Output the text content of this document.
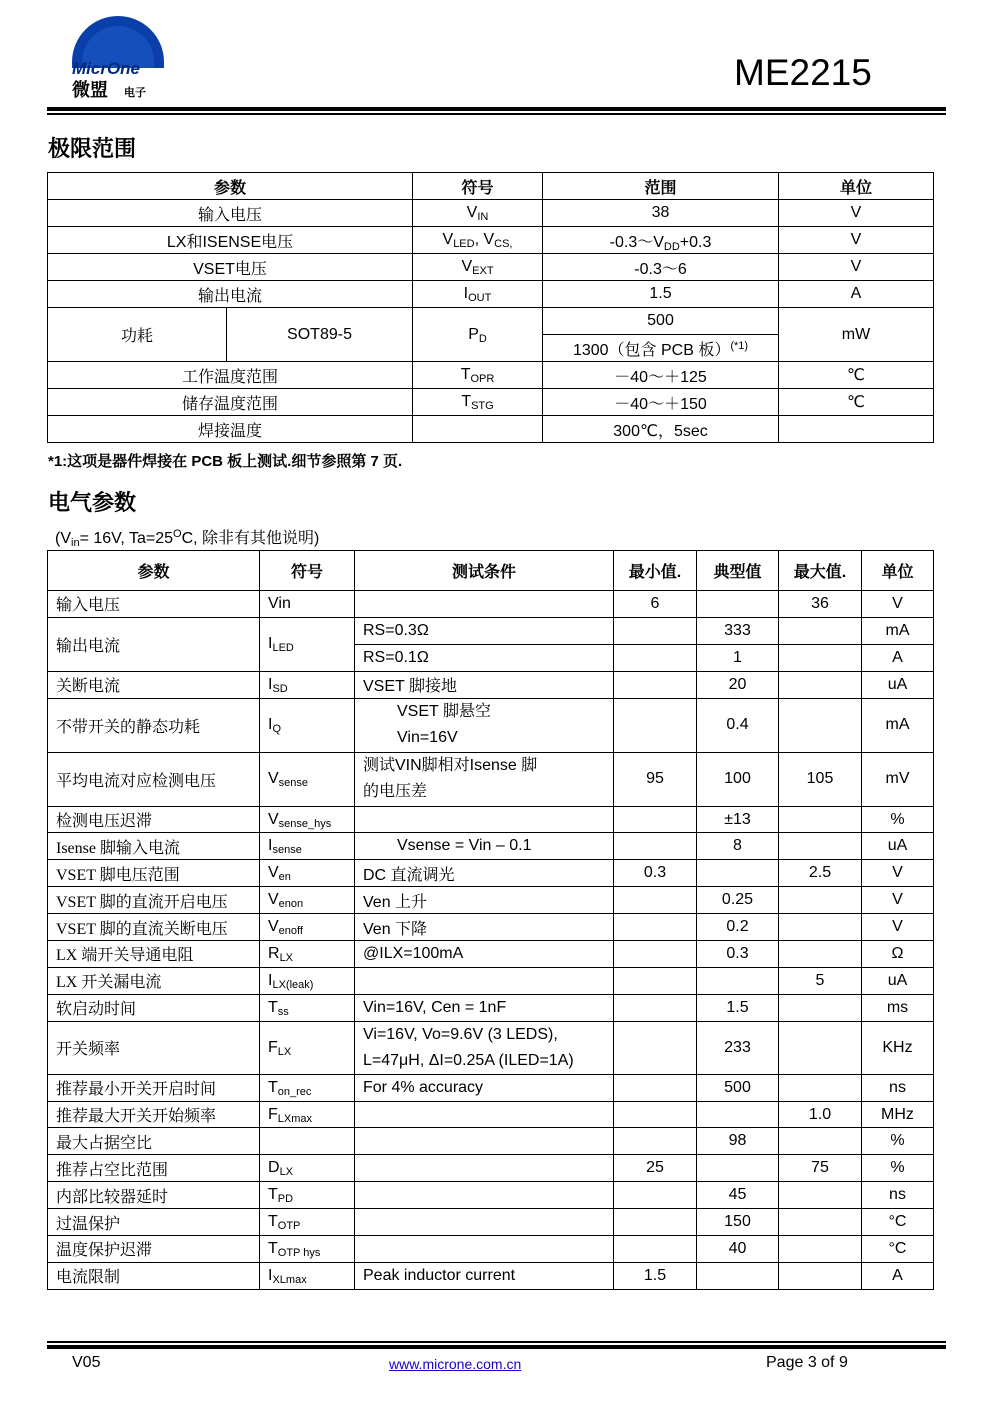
MicrOne
微盟 电子	ME2215
极限范围
参数		符号	范围	单位
输入电压		$V_{IN}$	38	V
LX和ISENSE电压		$V_{LED}$, $V_{CS,}$	$-0.3\sim V_{DD}+0.3$	V
VSET电压		$V_{EXT}$	-0.3～6	V
输出电流		$I_{OUT}$	1.5	A
功耗	SOT89-5	$P_D$	500	mW
			1300（包含 PCB 板）$^{(*1)}$
工作温度范围		$T_{OPR}$	－40～＋125	℃
储存温度范围		$T_{STG}$	－40～＋150	℃
焊接温度			300℃，5sec	
*1:这项是器件焊接在 PCB 板上测试.细节参照第 7 页.
电气参数
($V_{in}= 16V$, $Ta=25^OC$, 除非有其他说明)
参数	符号	测试条件	最小值.	典型值	最大值.	单位
输入电压	Vin		6		36	V
输出电流	$I_{LED}$	RS=0.3Ω		333		mA
		RS=0.1Ω		1		A
关断电流	$I_{SD}$	VSET 脚接地		20		uA
不带开关的静态功耗	$I_Q$	VSET 脚悬空
Vin=16V		0.4		mA
平均电流对应检测电压	$V_{sense}$	测试VIN脚相对Isense 脚
的电压差	95	100	105	mV
检测电压迟滞	$V_{sense\_hys}$			±13		%
Isense 脚输入电流	$I_{sense}$	Vsense = Vin – 0.1		8		uA
VSET 脚电压范围	$V_{en}$	DC 直流调光	0.3		2.5	V
VSET 脚的直流开启电压	$V_{enon}$	Ven 上升		0.25		V
VSET 脚的直流关断电压	$V_{enoff}$	Ven 下降		0.2		V
LX 端开关导通电阻	$R_{LX}$	@ILX=100mA		0.3		Ω
LX 开关漏电流	$I_{LX(leak)}$				5	uA
软启动时间	$T_{ss}$	Vin=16V, Cen = 1nF		1.5		ms
开关频率	$F_{LX}$	Vi=16V, Vo=9.6V (3 LEDS),
L=47μH, ΔI=0.25A (ILED=1A)		233		KHz
推荐最小开关开启时间	$T_{on\_rec}$	For 4% accuracy		500		ns
推荐最大开关开始频率	$F_{LXmax}$				1.0	MHz
最大占据空比				98		%
推荐占空比范围	$D_{LX}$		25		75	%
内部比较器延时	$T_{PD}$			45		ns
过温保护	$T_{OTP}$			150		°C
温度保护迟滞	$T_{OTP hys}$			40		°C
电流限制	$I_{XLmax}$	Peak inductor current	1.5			A
V05	www.microne.com.cn	Page 3 of 9
